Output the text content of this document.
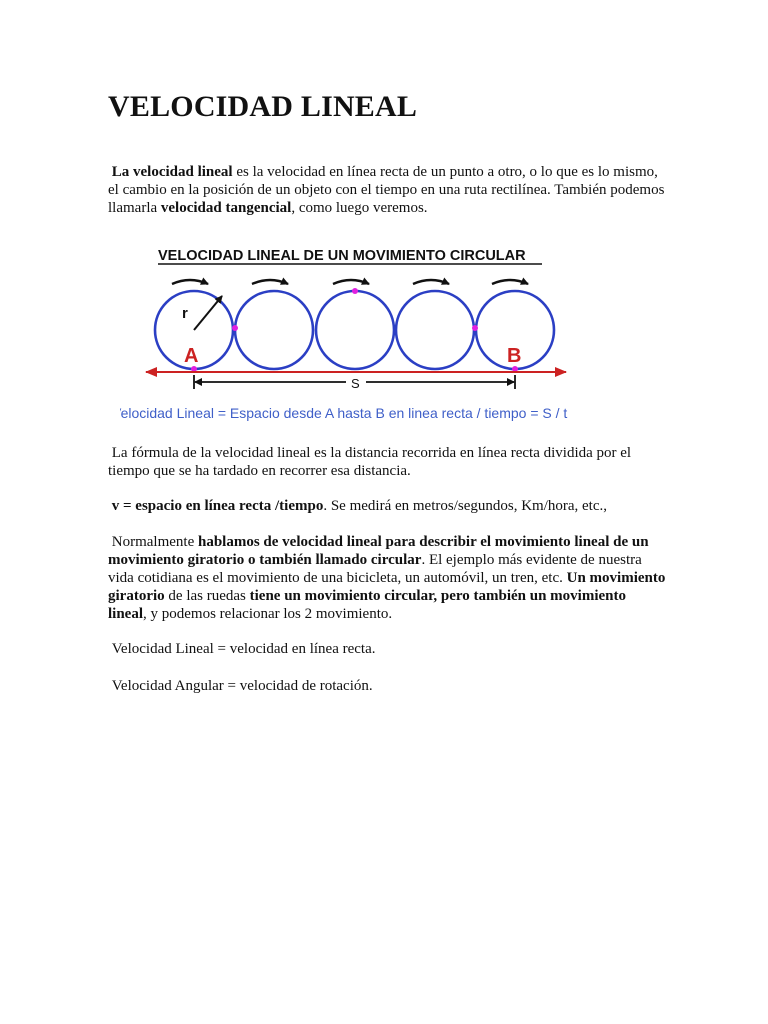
VELOCIDAD LINEAL

La velocidad lineal es la velocidad en línea recta de un punto a otro, o lo que es lo mismo, el cambio en la posición de un objeto con el tiempo en una ruta rectilínea. También podemos llamarla velocidad tangencial, como luego veremos.

VELOCIDAD LINEAL DE UN MOVIMIENTO CIRCULAR
r
A	B
S
Velocidad Lineal = Espacio desde A hasta B en linea recta / tiempo = S / t

La fórmula de la velocidad lineal es la distancia recorrida en línea recta dividida por el tiempo que se ha tardado en recorrer esa distancia.

v = espacio en línea recta /tiempo. Se medirá en metros/segundos, Km/hora, etc.,

Normalmente hablamos de velocidad lineal para describir el movimiento lineal de un movimiento giratorio o también llamado circular. El ejemplo más evidente de nuestra vida cotidiana es el movimiento de una bicicleta, un automóvil, un tren, etc. Un movimiento giratorio de las ruedas tiene un movimiento circular, pero también un movimiento lineal, y podemos relacionar los 2 movimiento.

Velocidad Lineal = velocidad en línea recta.

Velocidad Angular = velocidad de rotación.
